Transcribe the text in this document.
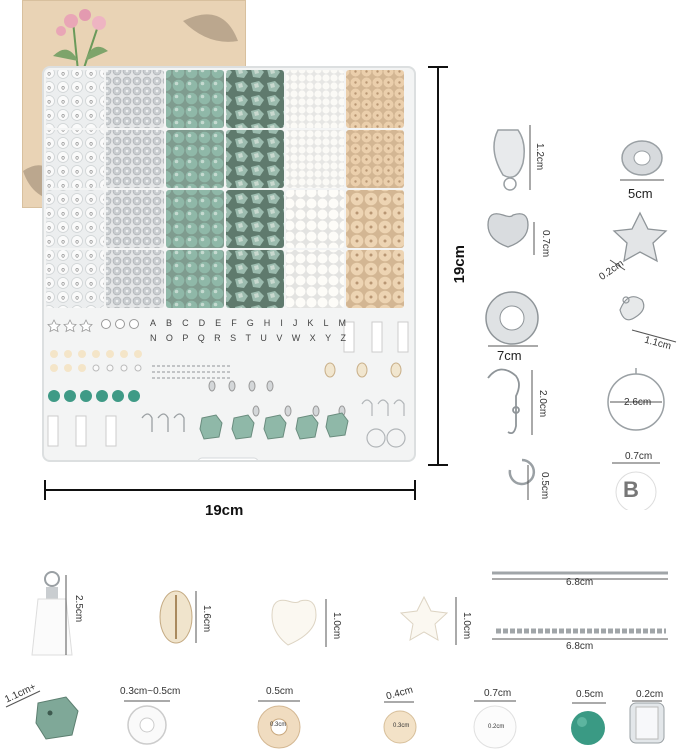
A B C D E F G H I J K L M
N O P Q R S T U V W X Y Z
19cm
19cm
1.2cm
5cm
0.7cm
0.2cm
7cm
1.1cm
2.0cm	2.6cm
0.5cm
0.7cm
B
2.5cm	1.6cm	1.0cm	1.0cm
6.8cm
6.8cm
1.1cm+	0.3cm~0.5cm	0.5cm
0.3cm
0.4cm
0.3cm
0.7cm
0.2cm
0.5cm	0.2cm
